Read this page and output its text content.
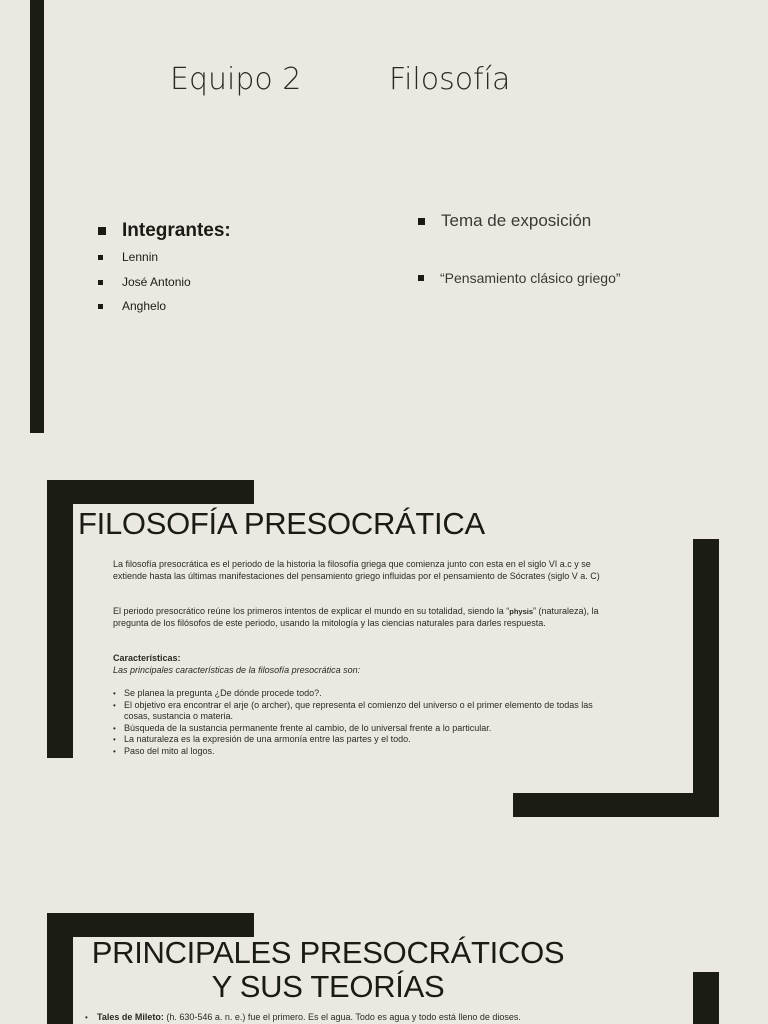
Equipo 2	Filosofía
Integrantes:
Lennin
José Antonio
Anghelo
Tema de exposición
“Pensamiento clásico griego”
FILOSOFÍA PRESOCRÁTICA
La filosofía presocrática es el periodo de la historia la filosofía griega que comienza junto con esta en el siglo VI a.c y se
extiende hasta las últimas manifestaciones del pensamiento griego influidas por el pensamiento de Sócrates (siglo V a. C)
El periodo presocrático reúne los primeros intentos de explicar el mundo en su totalidad, siendo la “physis” (naturaleza), la
pregunta de los filósofos de este periodo, usando la mitología y las ciencias naturales para darles respuesta.
Características:
Las principales características de la filosofía presocrática son:
• Se planea la pregunta ¿De dónde procede todo?.
• El objetivo era encontrar el arje (o archer), que representa el comienzo del universo o el primer elemento de todas las
cosas, sustancia o materia.
• Búsqueda de la sustancia permanente frente al cambio, de lo universal frente a lo particular.
• La naturaleza es la expresión de una armonía entre las partes y el todo.
• Paso del mito al logos.
PRINCIPALES PRESOCRÁTICOS
Y SUS TEORÍAS
• Tales de Mileto: (h. 630-546 a. n. e.) fue el primero. Es el agua. Todo es agua y todo está lleno de dioses.
